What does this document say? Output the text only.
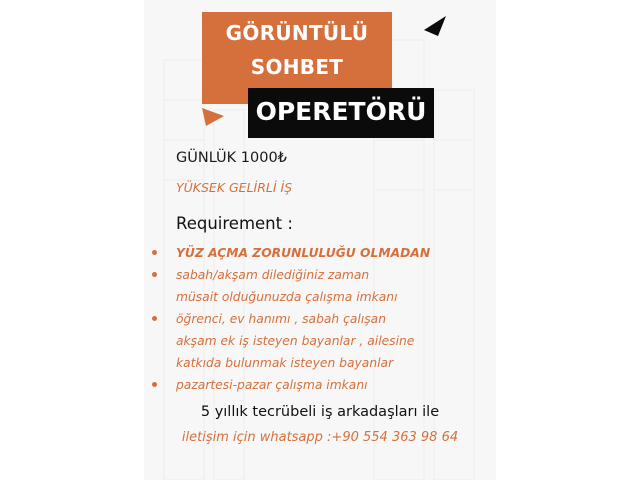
GÖRÜNTÜLÜ
SOHBET
OPERETÖRÜ
GÜNLÜK 1000₺
YÜKSEK GELİRLİ İŞ
Requirement :
YÜZ AÇMA ZORUNLULUĞU OLMADAN
sabah/akşam dilediğiniz zaman
müsait olduğunuzda çalışma imkanı
öğrenci, ev hanımı , sabah çalışan
akşam ek iş isteyen bayanlar , ailesine
katkıda bulunmak isteyen bayanlar
pazartesi-pazar çalışma imkanı
5 yıllık tecrübeli iş arkadaşları ile
iletişim için whatsapp :+90 554 363 98 64
